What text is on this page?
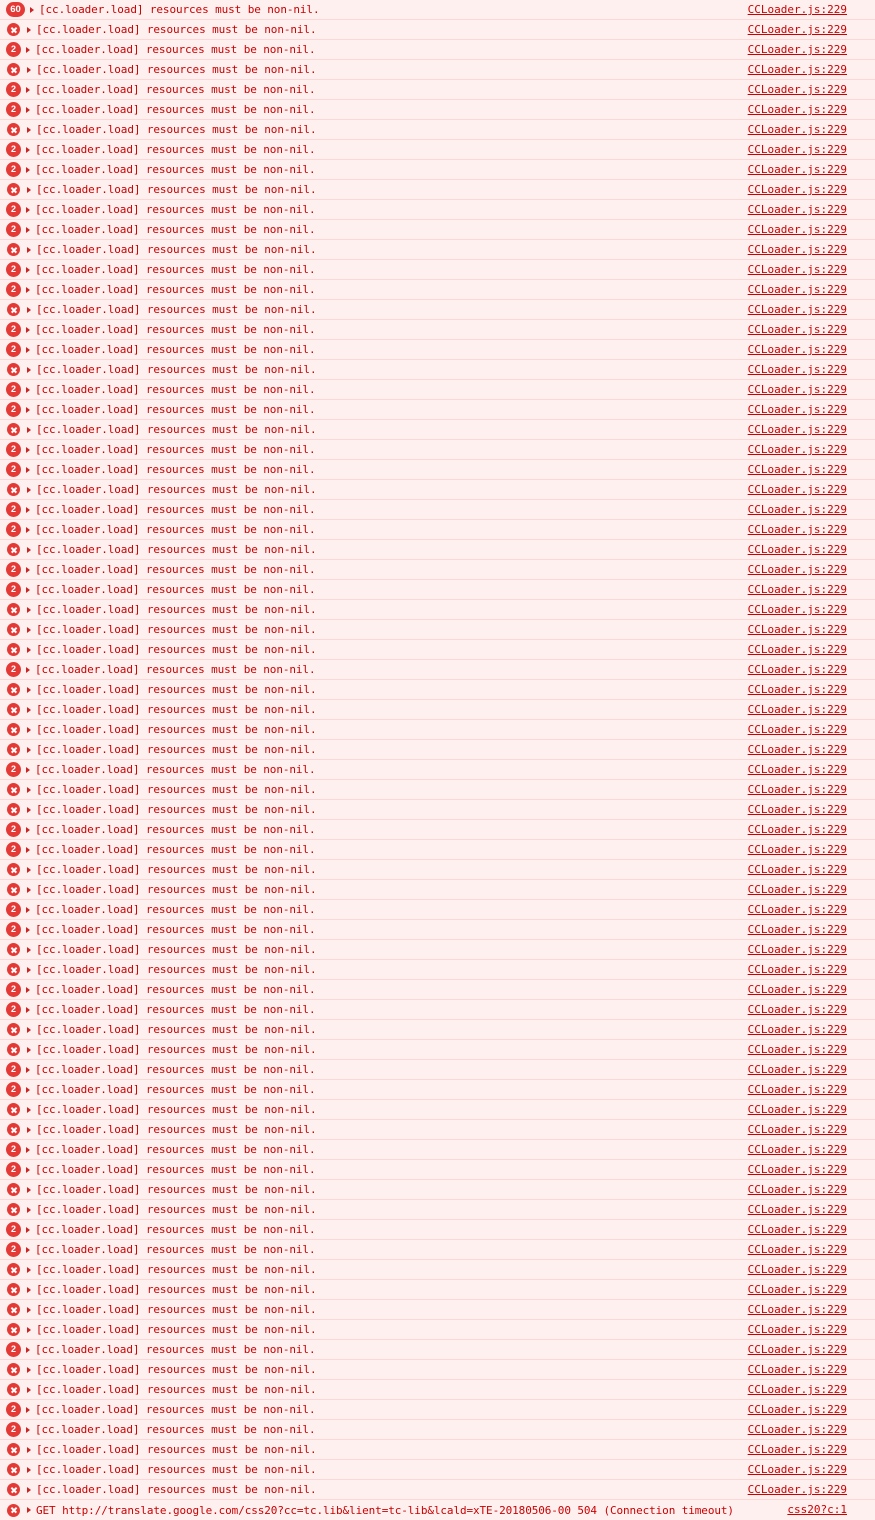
60	[cc.loader.load] resources must be non-nil.	CCLoader.js:229
[cc.loader.load] resources must be non-nil.	CCLoader.js:229
2	[cc.loader.load] resources must be non-nil.	CCLoader.js:229
[cc.loader.load] resources must be non-nil.	CCLoader.js:229
2	[cc.loader.load] resources must be non-nil.	CCLoader.js:229
2	[cc.loader.load] resources must be non-nil.	CCLoader.js:229
[cc.loader.load] resources must be non-nil.	CCLoader.js:229
2	[cc.loader.load] resources must be non-nil.	CCLoader.js:229
2	[cc.loader.load] resources must be non-nil.	CCLoader.js:229
[cc.loader.load] resources must be non-nil.	CCLoader.js:229
2	[cc.loader.load] resources must be non-nil.	CCLoader.js:229
2	[cc.loader.load] resources must be non-nil.	CCLoader.js:229
[cc.loader.load] resources must be non-nil.	CCLoader.js:229
2	[cc.loader.load] resources must be non-nil.	CCLoader.js:229
2	[cc.loader.load] resources must be non-nil.	CCLoader.js:229
[cc.loader.load] resources must be non-nil.	CCLoader.js:229
2	[cc.loader.load] resources must be non-nil.	CCLoader.js:229
2	[cc.loader.load] resources must be non-nil.	CCLoader.js:229
[cc.loader.load] resources must be non-nil.	CCLoader.js:229
2	[cc.loader.load] resources must be non-nil.	CCLoader.js:229
2	[cc.loader.load] resources must be non-nil.	CCLoader.js:229
[cc.loader.load] resources must be non-nil.	CCLoader.js:229
2	[cc.loader.load] resources must be non-nil.	CCLoader.js:229
2	[cc.loader.load] resources must be non-nil.	CCLoader.js:229
[cc.loader.load] resources must be non-nil.	CCLoader.js:229
2	[cc.loader.load] resources must be non-nil.	CCLoader.js:229
2	[cc.loader.load] resources must be non-nil.	CCLoader.js:229
[cc.loader.load] resources must be non-nil.	CCLoader.js:229
2	[cc.loader.load] resources must be non-nil.	CCLoader.js:229
2	[cc.loader.load] resources must be non-nil.	CCLoader.js:229
[cc.loader.load] resources must be non-nil.	CCLoader.js:229
[cc.loader.load] resources must be non-nil.	CCLoader.js:229
[cc.loader.load] resources must be non-nil.	CCLoader.js:229
2	[cc.loader.load] resources must be non-nil.	CCLoader.js:229
[cc.loader.load] resources must be non-nil.	CCLoader.js:229
[cc.loader.load] resources must be non-nil.	CCLoader.js:229
[cc.loader.load] resources must be non-nil.	CCLoader.js:229
[cc.loader.load] resources must be non-nil.	CCLoader.js:229
2	[cc.loader.load] resources must be non-nil.	CCLoader.js:229
[cc.loader.load] resources must be non-nil.	CCLoader.js:229
[cc.loader.load] resources must be non-nil.	CCLoader.js:229
2	[cc.loader.load] resources must be non-nil.	CCLoader.js:229
2	[cc.loader.load] resources must be non-nil.	CCLoader.js:229
[cc.loader.load] resources must be non-nil.	CCLoader.js:229
[cc.loader.load] resources must be non-nil.	CCLoader.js:229
2	[cc.loader.load] resources must be non-nil.	CCLoader.js:229
2	[cc.loader.load] resources must be non-nil.	CCLoader.js:229
[cc.loader.load] resources must be non-nil.	CCLoader.js:229
[cc.loader.load] resources must be non-nil.	CCLoader.js:229
2	[cc.loader.load] resources must be non-nil.	CCLoader.js:229
2	[cc.loader.load] resources must be non-nil.	CCLoader.js:229
[cc.loader.load] resources must be non-nil.	CCLoader.js:229
[cc.loader.load] resources must be non-nil.	CCLoader.js:229
2	[cc.loader.load] resources must be non-nil.	CCLoader.js:229
2	[cc.loader.load] resources must be non-nil.	CCLoader.js:229
[cc.loader.load] resources must be non-nil.	CCLoader.js:229
[cc.loader.load] resources must be non-nil.	CCLoader.js:229
2	[cc.loader.load] resources must be non-nil.	CCLoader.js:229
2	[cc.loader.load] resources must be non-nil.	CCLoader.js:229
[cc.loader.load] resources must be non-nil.	CCLoader.js:229
[cc.loader.load] resources must be non-nil.	CCLoader.js:229
2	[cc.loader.load] resources must be non-nil.	CCLoader.js:229
2	[cc.loader.load] resources must be non-nil.	CCLoader.js:229
[cc.loader.load] resources must be non-nil.	CCLoader.js:229
[cc.loader.load] resources must be non-nil.	CCLoader.js:229
[cc.loader.load] resources must be non-nil.	CCLoader.js:229
[cc.loader.load] resources must be non-nil.	CCLoader.js:229
2	[cc.loader.load] resources must be non-nil.	CCLoader.js:229
[cc.loader.load] resources must be non-nil.	CCLoader.js:229
[cc.loader.load] resources must be non-nil.	CCLoader.js:229
2	[cc.loader.load] resources must be non-nil.	CCLoader.js:229
2	[cc.loader.load] resources must be non-nil.	CCLoader.js:229
[cc.loader.load] resources must be non-nil.	CCLoader.js:229
[cc.loader.load] resources must be non-nil.	CCLoader.js:229
[cc.loader.load] resources must be non-nil.	CCLoader.js:229
GET http://translate.google.com/css20?cc=tc.lib&lient=tc-lib&lcald=xTE-20180506-00 504 (Connection timeout)	css20?c:1
